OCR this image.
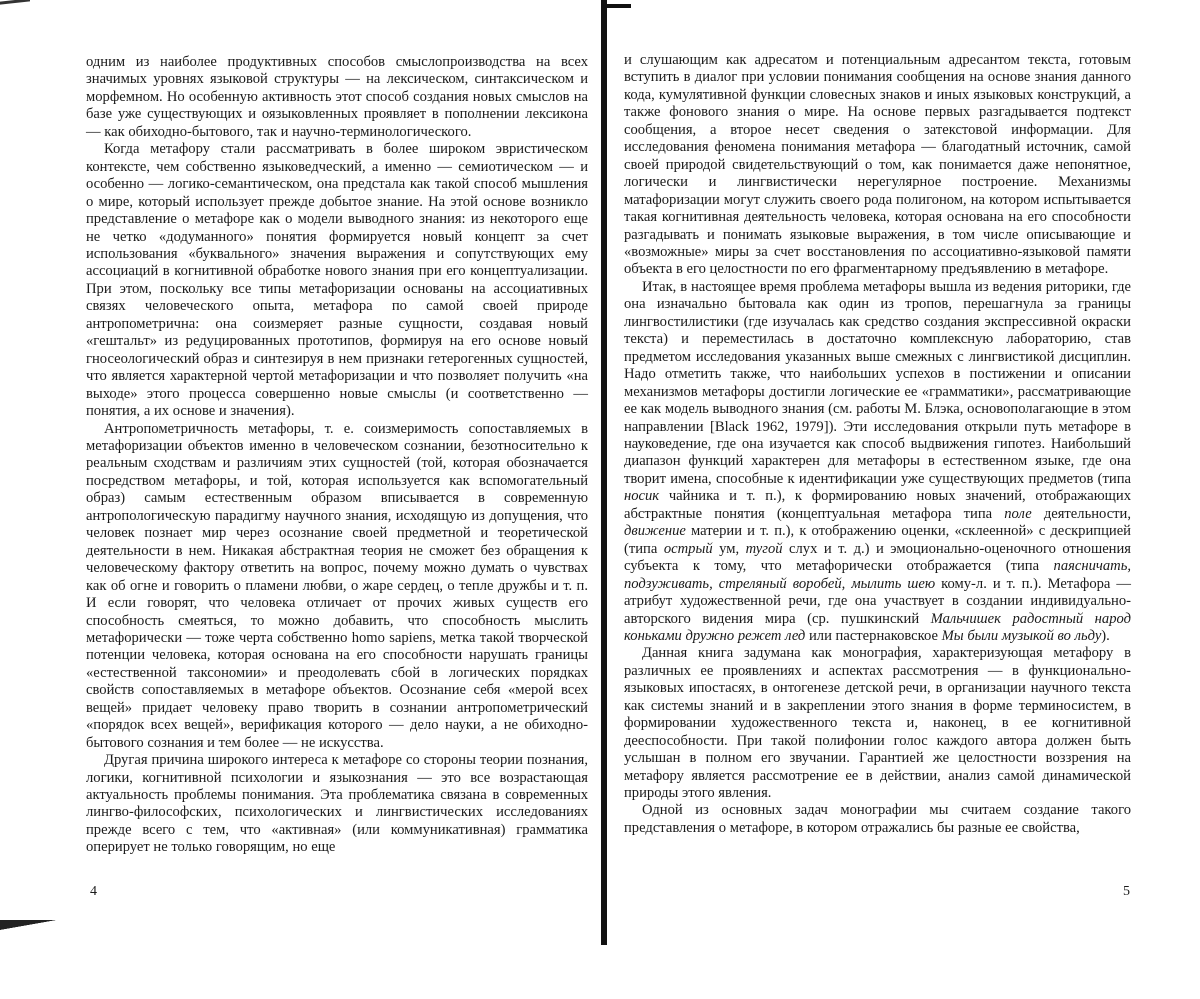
одним из наиболее продуктивных способов смыслопроизводства на всех значимых уровнях языковой структуры — на лексическом, синтаксическом и морфемном. Но особенную активность этот способ создания новых смыслов на базе уже существующих и оязыковленных проявляет в пополнении лексикона — как обиходно-бытового, так и научно-терминологического.

Когда метафору стали рассматривать в более широком эвристическом контексте, чем собственно языковедческий, а именно — семиотическом — и особенно — логико-семантическом, она предстала как такой способ мышления о мире, который использует прежде добытое знание. На этой основе возникло представление о метафоре как о модели выводного знания: из некоторого еще не четко «додуманного» понятия формируется новый концепт за счет использования «буквального» значения выражения и сопутствующих ему ассоциаций в когнитивной обработке нового знания при его концептуализации. При этом, поскольку все типы метафоризации основаны на ассоциативных связях человеческого опыта, метафора по самой своей природе антропометрична: она соизмеряет разные сущности, создавая новый «гештальт» из редуцированных прототипов, формируя на его основе новый гносеологический образ и синтезируя в нем признаки гетерогенных сущностей, что является характерной чертой метафоризации и что позволяет получить «на выходе» этого процесса совершенно новые смыслы (и соответственно — понятия, а их основе и значения).

Антропометричность метафоры, т. е. соизмеримость сопоставляемых в метафоризации объектов именно в человеческом сознании, безотносительно к реальным сходствам и различиям этих сущностей (той, которая обозначается посредством метафоры, и той, которая используется как вспомогательный образ) самым естественным образом вписывается в современную антропологическую парадигму научного знания, исходящую из допущения, что человек познает мир через осознание своей предметной и теоретической деятельности в нем. Никакая абстрактная теория не сможет без обращения к человеческому фактору ответить на вопрос, почему можно думать о чувствах как об огне и говорить о пламени любви, о жаре сердец, о тепле дружбы и т. п. И если говорят, что человека отличает от прочих живых существ его способность смеяться, то можно добавить, что способность мыслить метафорически — тоже черта собственно homo sapiens, метка такой творческой потенции человека, которая основана на его способности нарушать границы «естественной таксономии» и преодолевать сбой в логических порядках свойств сопоставляемых в метафоре объектов. Осознание себя «мерой всех вещей» придает человеку право творить в сознании антропометрический «порядок всех вещей», верификация которого — дело науки, а не обиходно-бытового сознания и тем более — не искусства.

Другая причина широкого интереса к метафоре со стороны теории познания, логики, когнитивной психологии и языкознания — это все возрастающая актуальность проблемы понимания. Эта проблематика связана в современных лингво-философских, психологических и лингвистических исследованиях прежде всего с тем, что «активная» (или коммуникативная) грамматика оперирует не только говорящим, но еще

4

и слушающим как адресатом и потенциальным адресантом текста, готовым вступить в диалог при условии понимания сообщения на основе знания данного кода, кумулятивной функции словесных знаков и иных языковых конструкций, а также фонового знания о мире. На основе первых разгадывается подтекст сообщения, а второе несет сведения о затекстовой информации. Для исследования феномена понимания метафора — благодатный источник, самой своей природой свидетельствующий о том, как понимается даже непонятное, логически и лингвистически нерегулярное построение. Механизмы матафоризации могут служить своего рода полигоном, на котором испытывается такая когнитивная деятельность человека, которая основана на его способности разгадывать и понимать языковые выражения, в том числе описывающие и «возможные» миры за счет восстановления по ассоциативно-языковой памяти объекта в его целостности по его фрагментарному предъявлению в метафоре.

Итак, в настоящее время проблема метафоры вышла из ведения риторики, где она изначально бытовала как один из тропов, перешагнула за границы лингвостилистики (где изучалась как средство создания экспрессивной окраски текста) и переместилась в достаточно комплексную лабораторию, став предметом исследования указанных выше смежных с лингвистикой дисциплин. Надо отметить также, что наибольших успехов в постижении и описании механизмов метафоры достигли логические ее «грамматики», рассматривающие ее как модель выводного знания (см. работы М. Блэка, основополагающие в этом направлении [Black 1962, 1979]). Эти исследования открыли путь метафоре в науковедение, где она изучается как способ выдвижения гипотез. Наибольший диапазон функций характерен для метафоры в естественном языке, где она творит имена, способные к идентификации уже существующих предметов (типа носик чайника и т. п.), к формированию новых значений, отображающих абстрактные понятия (концептуальная метафора типа поле деятельности, движение материи и т. п.), к отображению оценки, «склеенной» с дескрипцией (типа острый ум, тугой слух и т. д.) и эмоционально-оценочного отношения субъекта к тому, что метафорически отображается (типа паясничать, подзуживать, стреляный воробей, мылить шею кому-л. и т. п.). Метафора — атрибут художественной речи, где она участвует в создании индивидуально-авторского видения мира (ср. пушкинский Мальчишек радостный народ коньками дружно режет лед или пастернаковское Мы были музыкой во льду).

Данная книга задумана как монография, характеризующая метафору в различных ее проявлениях и аспектах рассмотрения — в функционально-языковых ипостасях, в онтогенезе детской речи, в организации научного текста как системы знаний и в закреплении этого знания в форме терминосистем, в формировании художественного текста и, наконец, в ее когнитивной дееспособности. При такой полифонии голос каждого автора должен быть услышан в полном его звучании. Гарантией же целостности воззрения на метафору является рассмотрение ее в действии, анализ самой динамической природы этого явления.

Одной из основных задач монографии мы считаем создание такого представления о метафоре, в котором отражались бы разные ее свойства,

5
